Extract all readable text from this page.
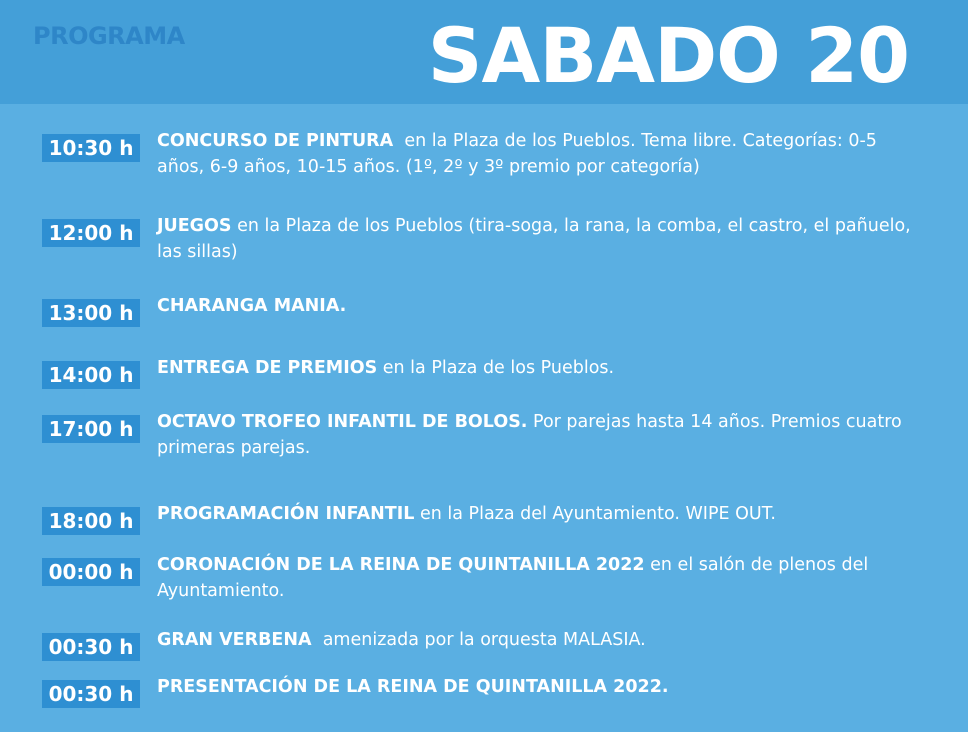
PROGRAMA	SABADO 20
10:30 h	CONCURSO DE PINTURA  en la Plaza de los Pueblos. Tema libre. Categorías: 0-5 años, 6-9 años, 10-15 años. (1º, 2º y 3º premio por categoría)

12:00 h	JUEGOS en la Plaza de los Pueblos (tira-soga, la rana, la comba, el castro, el pañuelo, las sillas)

13:00 h	CHARANGA MANIA.

14:00 h	ENTREGA DE PREMIOS en la Plaza de los Pueblos.

17:00 h	OCTAVO TROFEO INFANTIL DE BOLOS. Por parejas hasta 14 años. Premios cuatro primeras parejas.

18:00 h	PROGRAMACIÓN INFANTIL en la Plaza del Ayuntamiento. WIPE OUT.

00:00 h	CORONACIÓN DE LA REINA DE QUINTANILLA 2022 en el salón de plenos del Ayuntamiento.

00:30 h	GRAN VERBENA  amenizada por la orquesta MALASIA.

00:30 h	PRESENTACIÓN DE LA REINA DE QUINTANILLA 2022.
